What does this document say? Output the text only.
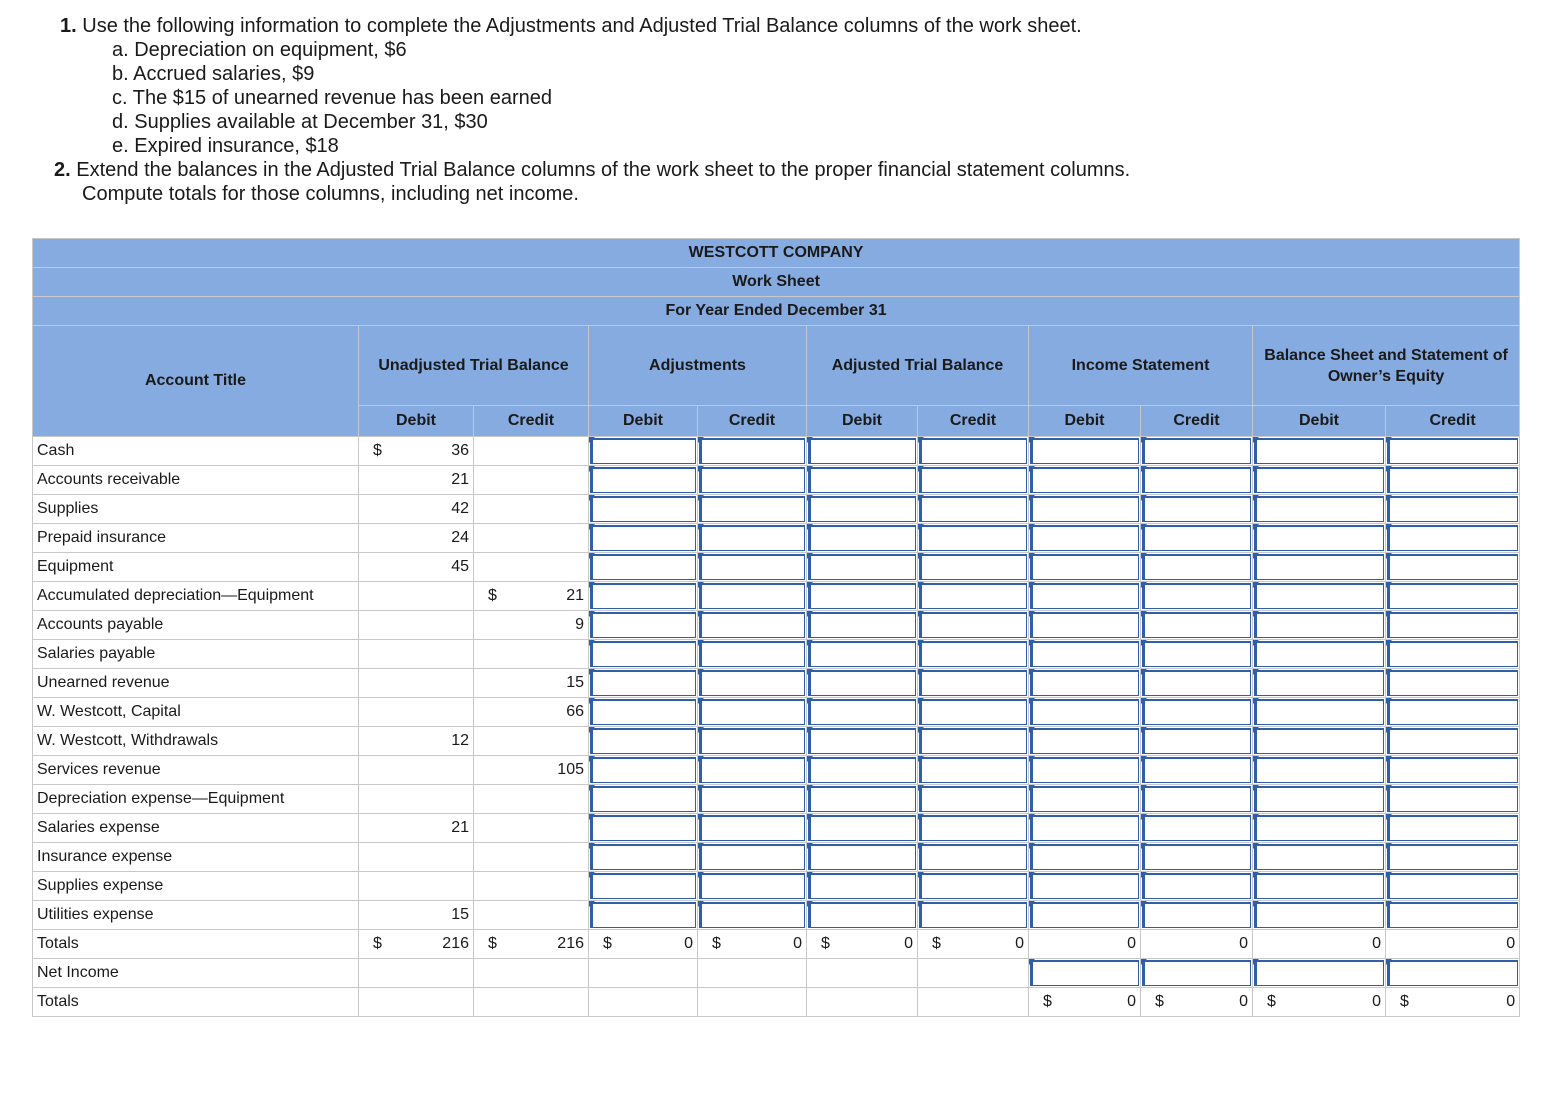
1. Use the following information to complete the Adjustments and Adjusted Trial Balance columns of the work sheet.

a. Depreciation on equipment, $6

b. Accrued salaries, $9

c. The $15 of unearned revenue has been earned

d. Supplies available at December 31, $30

e. Expired insurance, $18

2. Extend the balances in the Adjusted Trial Balance columns of the work sheet to the proper financial statement columns.

Compute totals for those columns, including net income.

WESTCOTT COMPANY										
Work Sheet										
For Year Ended December 31										
Account Title	Unadjusted Trial Balance		Adjustments		Adjusted Trial Balance		Income Statement		Balance Sheet and Statement of Owner’s Equity	
	Debit	Credit	Debit	Credit	Debit	Credit	Debit	Credit	Debit	Credit
Cash	$ 36		

Accounts receivable	21		

Supplies	42		

Prepaid insurance	24		

Equipment	45		

Accumulated depreciation—Equipment		$ 21	

Accounts payable		9	

Salaries payable			

Unearned revenue		15	

W. Westcott, Capital		66	

W. Westcott, Withdrawals	12		

Services revenue		105	

Depreciation expense—Equipment			

Salaries expense	21		

Insurance expense			

Supplies expense			

Utilities expense	15		

Totals	$ 216	$ 216	$ 0	$ 0	$ 0	$ 0	0	0	0	0
Net Income							

Totals							$ 0	$ 0	$ 0	$ 0
